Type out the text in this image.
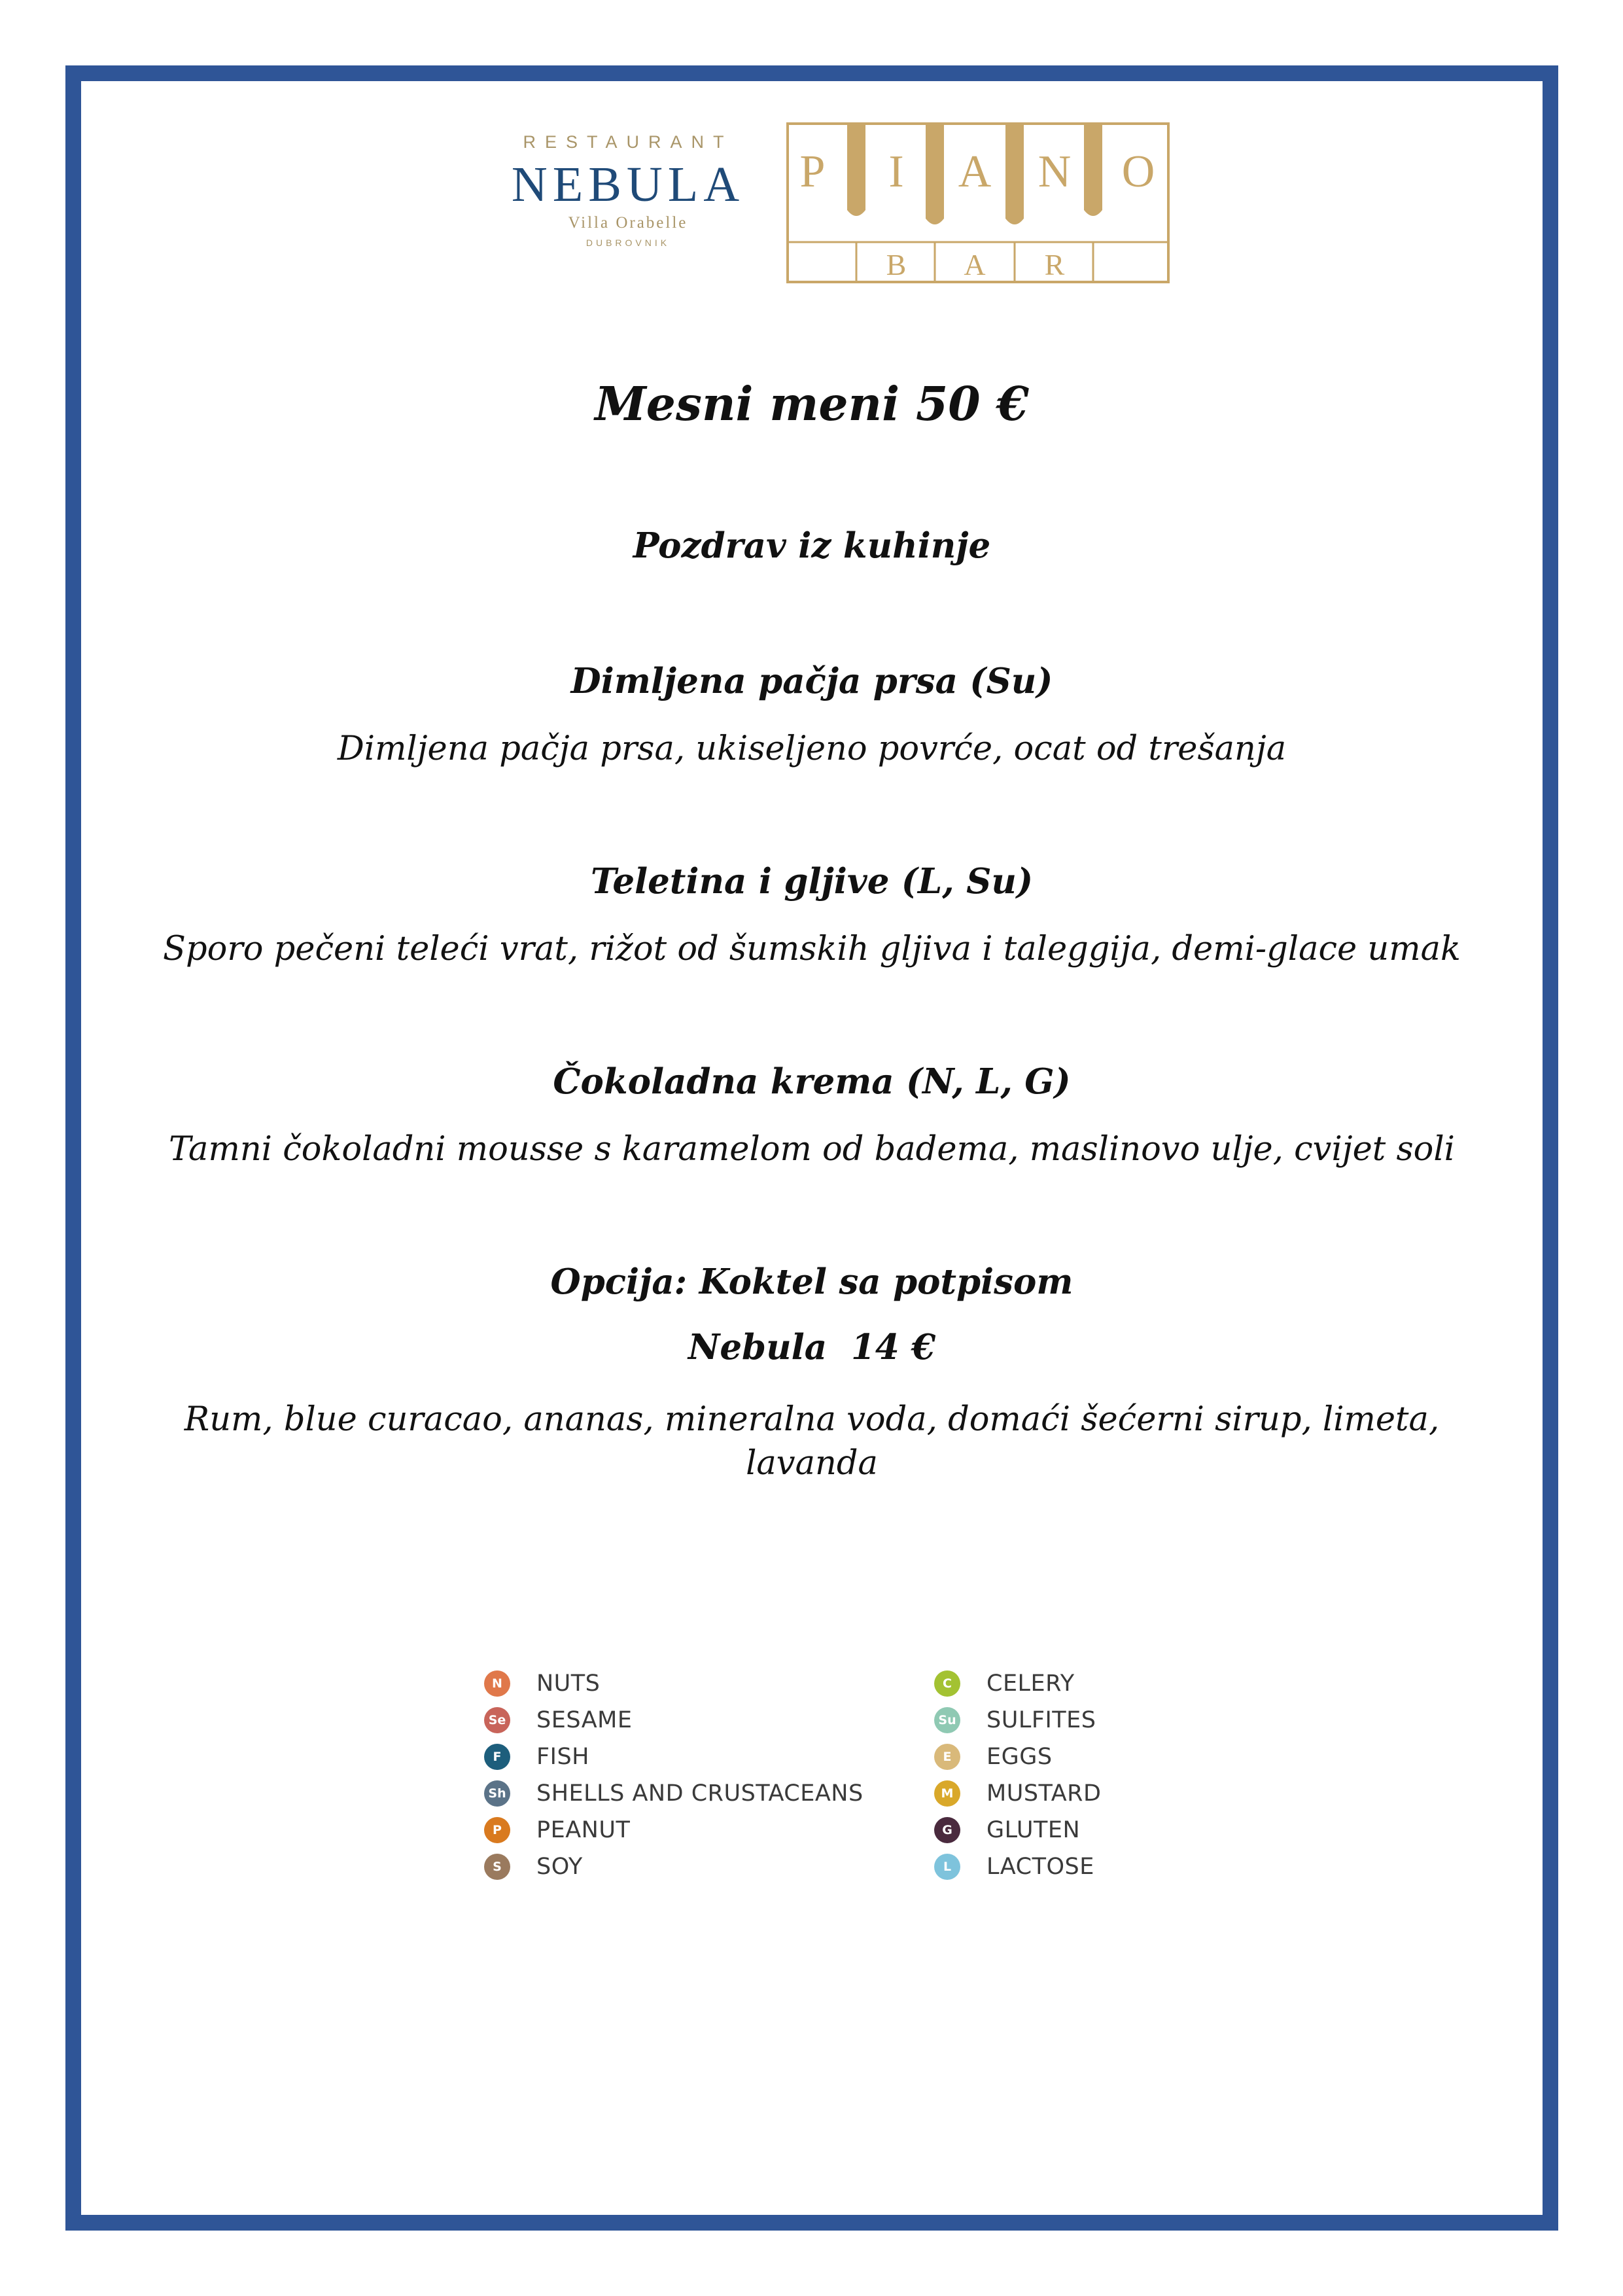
RESTAURANT
NEBULA
Villa Orabelle
DUBROVNIK
P I A N O
B A R
Mesni meni 50 €
Pozdrav iz kuhinje
Dimljena pačja prsa (Su)
Dimljena pačja prsa, ukiseljeno povrće, ocat od trešanja
Teletina i gljive (L, Su)
Sporo pečeni teleći vrat, rižot od šumskih gljiva i taleggija, demi-glace umak
Čokoladna krema (N, L, G)
Tamni čokoladni mousse s karamelom od badema, maslinovo ulje, cvijet soli
Opcija: Koktel sa potpisom
Nebula  14 €
Rum, blue curacao, ananas, mineralna voda, domaći šećerni sirup, limeta,
lavanda
N	NUTS
Se SESAME
F	FISH
Sh SHELLS AND CRUSTACEANS
P	PEANUT
S	SOY
C	CELERY
Su SULFITES
E	EGGS
M	MUSTARD
G	GLUTEN
L	LACTOSE
